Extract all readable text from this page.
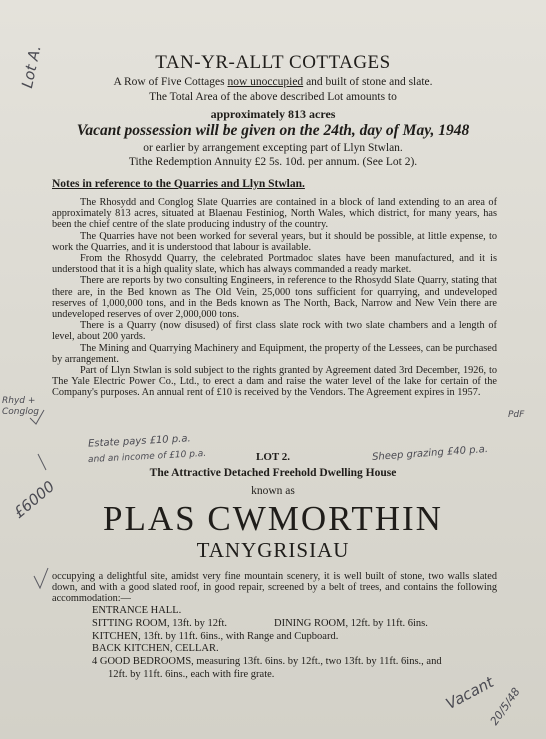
Lot A.	TAN-YR-ALLT COTTAGES
A Row of Five Cottages now unoccupied and built of stone and slate.
The Total Area of the above described Lot amounts to
approximately 813 acres
Vacant possession will be given on the 24th, day of May, 1948
or earlier by arrangement excepting part of Llyn Stwlan.
Tithe Redemption Annuity £2 5s. 10d. per annum. (See Lot 2).
Notes in reference to the Quarries and Llyn Stwlan.

The Rhosydd and Conglog Slate Quarries are contained in a block of land extending to an area of approximately 813 acres, situated at Blaenau Festiniog, North Wales, which district, for many years, has been the chief centre of the slate producing industry of the country.

The Quarries have not been worked for several years, but it should be possible, at little expense, to work the Quarries, and it is understood that labour is available.

From the Rhosydd Quarry, the celebrated Portmadoc slates have been manufactured, and it is understood that it is a high quality slate, which has always commanded a ready market.

There are reports by two consulting Engineers, in reference to the Rhosydd Slate Quarry, stating that there are, in the Bed known as The Old Vein, 25,000 tons sufficient for quarrying, and undeveloped reserves of 1,000,000 tons, and in the Beds known as The North, Back, Narrow and New Vein there are undeveloped reserves of over 2,000,000 tons.

There is a Quarry (now disused) of first class slate rock with two slate chambers and a length of level, about 200 yards.

The Mining and Quarrying Machinery and Equipment, the property of the Lessees, can be purchased by arrangement.

Part of Llyn Stwlan is sold subject to the rights granted by Agreement dated 3rd December, 1926, to The Yale Electric Power Co., Ltd., to erect a dam and raise the water level of the lake for certain of the Company's purposes. An annual rent of £10 is received by the Vendors. The Agreement expires in 1957.

Rhyd + Conglog	PdF
Estate pays £10 p.a.
and an income of £10 p.a.	Sheep grazing £40 p.a.
£6000
LOT 2.
The Attractive Detached Freehold Dwelling House
known as
PLAS CWMORTHIN
TANYGRISIAU

occupying a delightful site, amidst very fine mountain scenery, it is well built of stone, two walls slated down, and with a good slated roof, in good repair, screened by a belt of trees, and contains the following accommodation:—

ENTRANCE HALL.
SITTING ROOM, 13ft. by 12ft.	DINING ROOM, 12ft. by 11ft. 6ins.
KITCHEN, 13ft. by 11ft. 6ins., with Range and Cupboard.
BACK KITCHEN, CELLAR.
4 GOOD BEDROOMS, measuring 13ft. 6ins. by 12ft., two 13ft. by 11ft. 6ins., and
12ft. by 11ft. 6ins., each with fire grate.	Vacant
20/5/48
